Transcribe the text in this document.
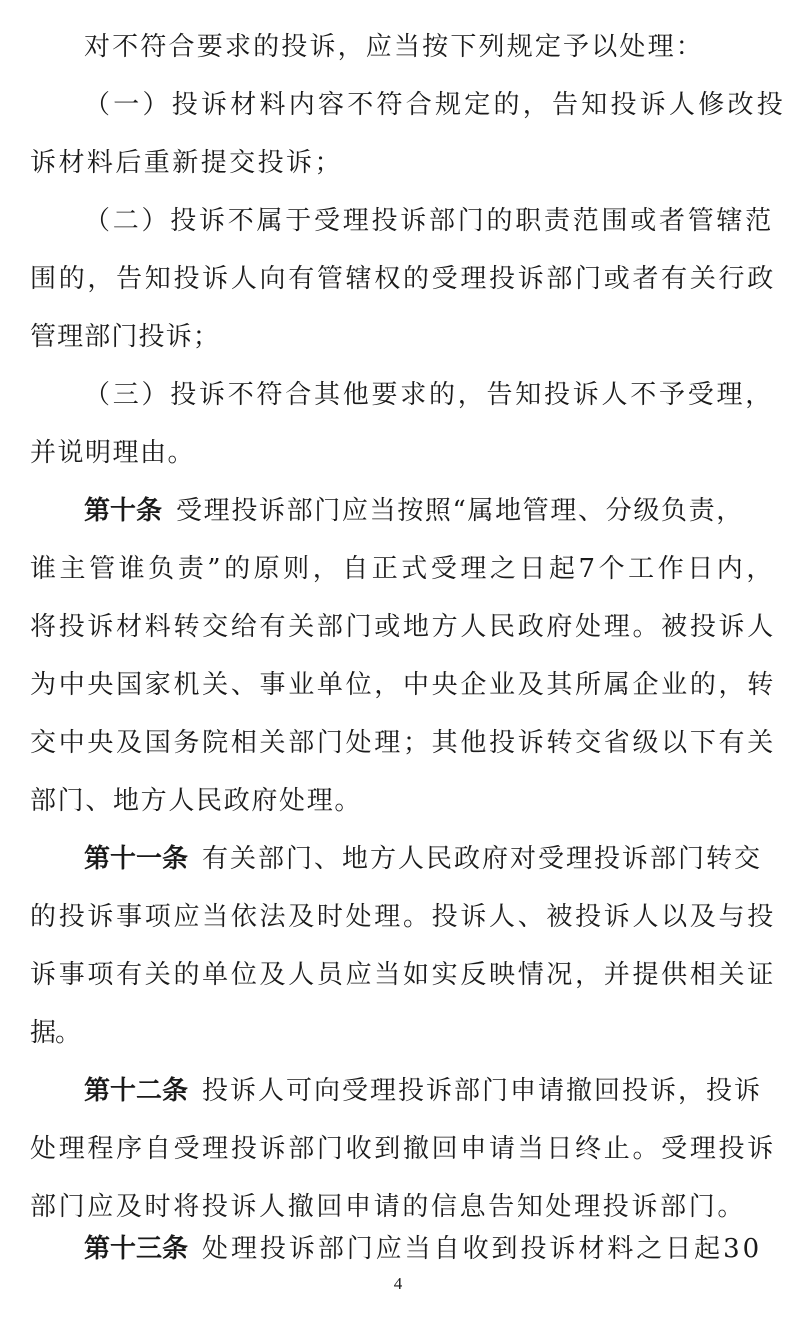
对不符合要求的投诉，应当按下列规定予以处理：
（一）投诉材料内容不符合规定的，告知投诉人修改投
诉材料后重新提交投诉；
（二）投诉不属于受理投诉部门的职责范围或者管辖范
围的，告知投诉人向有管辖权的受理投诉部门或者有关行政
管理部门投诉；
（三）投诉不符合其他要求的，告知投诉人不予受理，
并说明理由。
第十条 受理投诉部门应当按照“属地管理、分级负责，
谁主管谁负责”的原则，自正式受理之日起7个工作日内，
将投诉材料转交给有关部门或地方人民政府处理。被投诉人
为中央国家机关、事业单位，中央企业及其所属企业的，转
交中央及国务院相关部门处理；其他投诉转交省级以下有关
部门、地方人民政府处理。
第十一条 有关部门、地方人民政府对受理投诉部门转交
的投诉事项应当依法及时处理。投诉人、被投诉人以及与投
诉事项有关的单位及人员应当如实反映情况，并提供相关证
据。
第十二条 投诉人可向受理投诉部门申请撤回投诉，投诉
处理程序自受理投诉部门收到撤回申请当日终止。受理投诉
部门应及时将投诉人撤回申请的信息告知处理投诉部门。
第十三条 处理投诉部门应当自收到投诉材料之日起30
4
